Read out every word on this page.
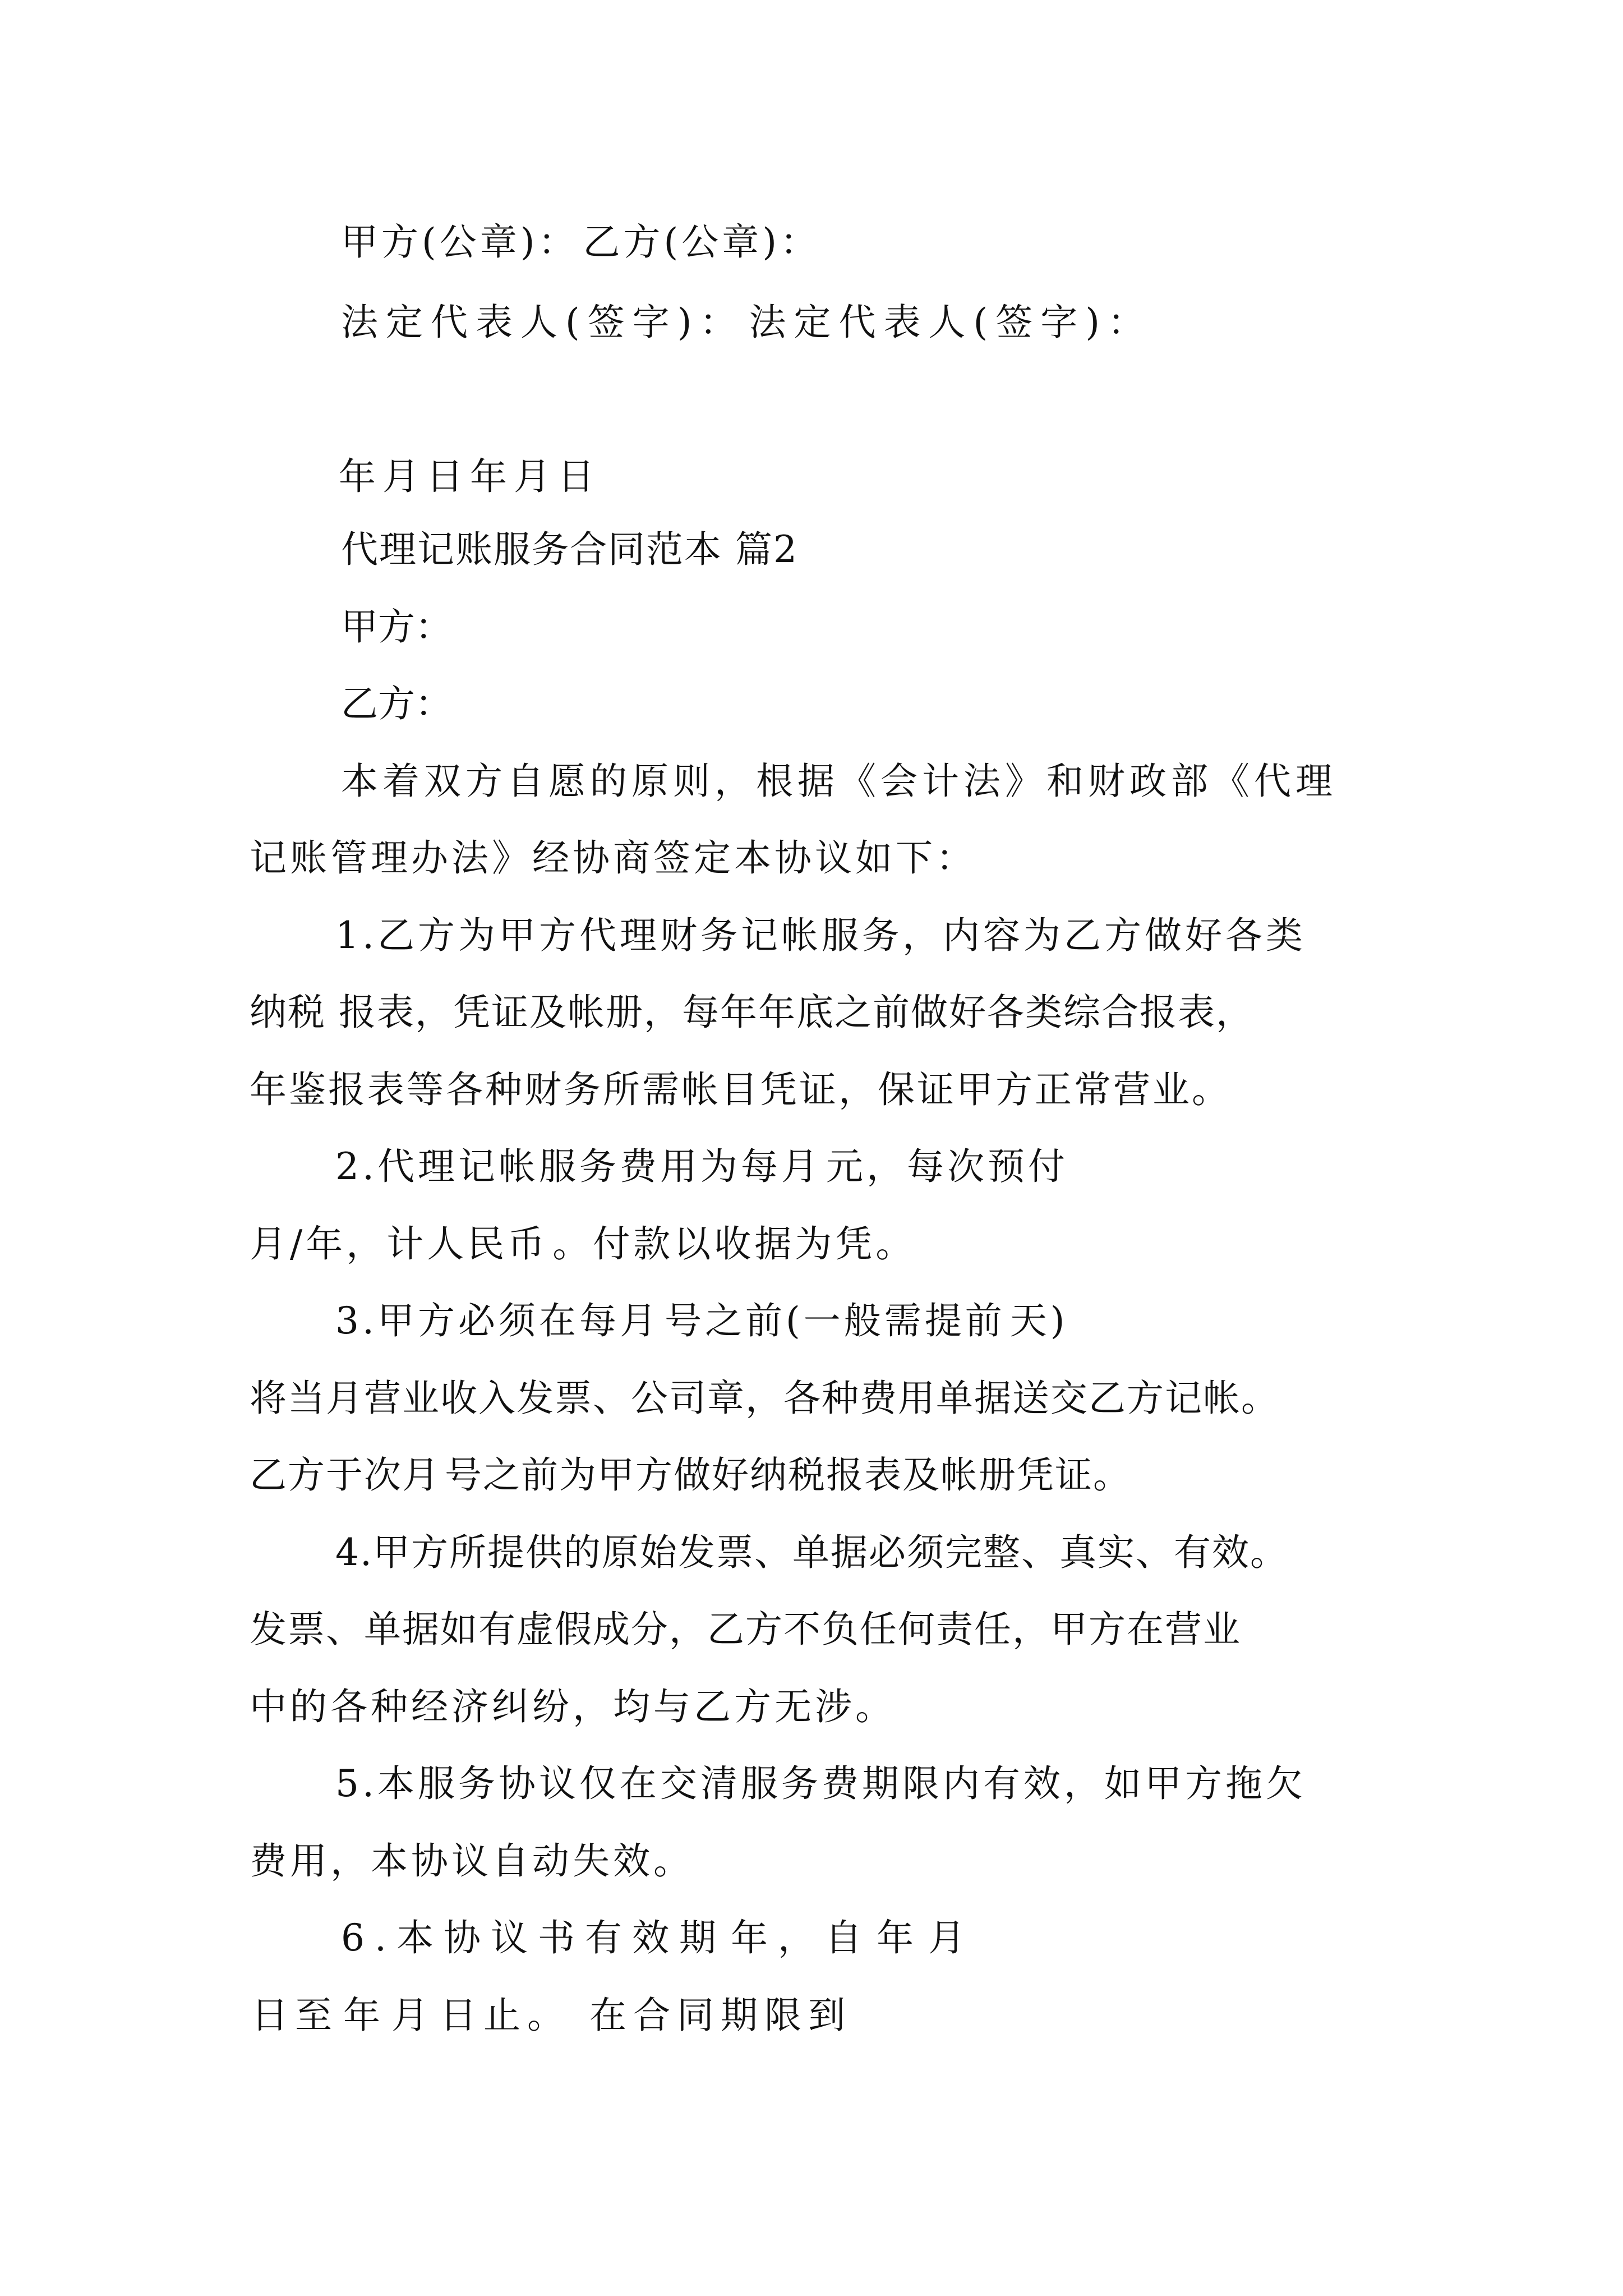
甲方(公章)： 乙方(公章)：
法定代表人(签字)： 法定代表人(签字)：
年 月 日 年 月 日
代理记账服务合同范本 篇2
甲方：
乙方：
本着双方自愿的原则，根据《会计法》和财政部《代理
记账管理办法》经协商签定本协议如下：
1.乙方为甲方代理财务记帐服务，内容为乙方做好各类
纳税 报表，凭证及帐册，每年年底之前做好各类综合报表，
年鉴报表等各种财务所需帐目凭证，保证甲方正常营业。
2.代理记帐服务费用为每月 元，每次预付
月/年，计人民币 。付款以收据为凭。
3.甲方必须在每月 号之前(一般需提前 天)
将当月营业收入发票、公司章，各种费用单据送交乙方记帐。
乙方于次月 号之前为甲方做好纳税报表及帐册凭证。
4.甲方所提供的原始发票、单据必须完整、真实、有效。
发票、单据如有虚假成分，乙方不负任何责任，甲方在营业
中的各种经济纠纷，均与乙方无涉。
5.本服务协议仅在交清服务费期限内有效，如甲方拖欠
费用，本协议自动失效。
6.本协议书有效期 年，自 年 月
日至 年 月 日止。 在合同期限到
